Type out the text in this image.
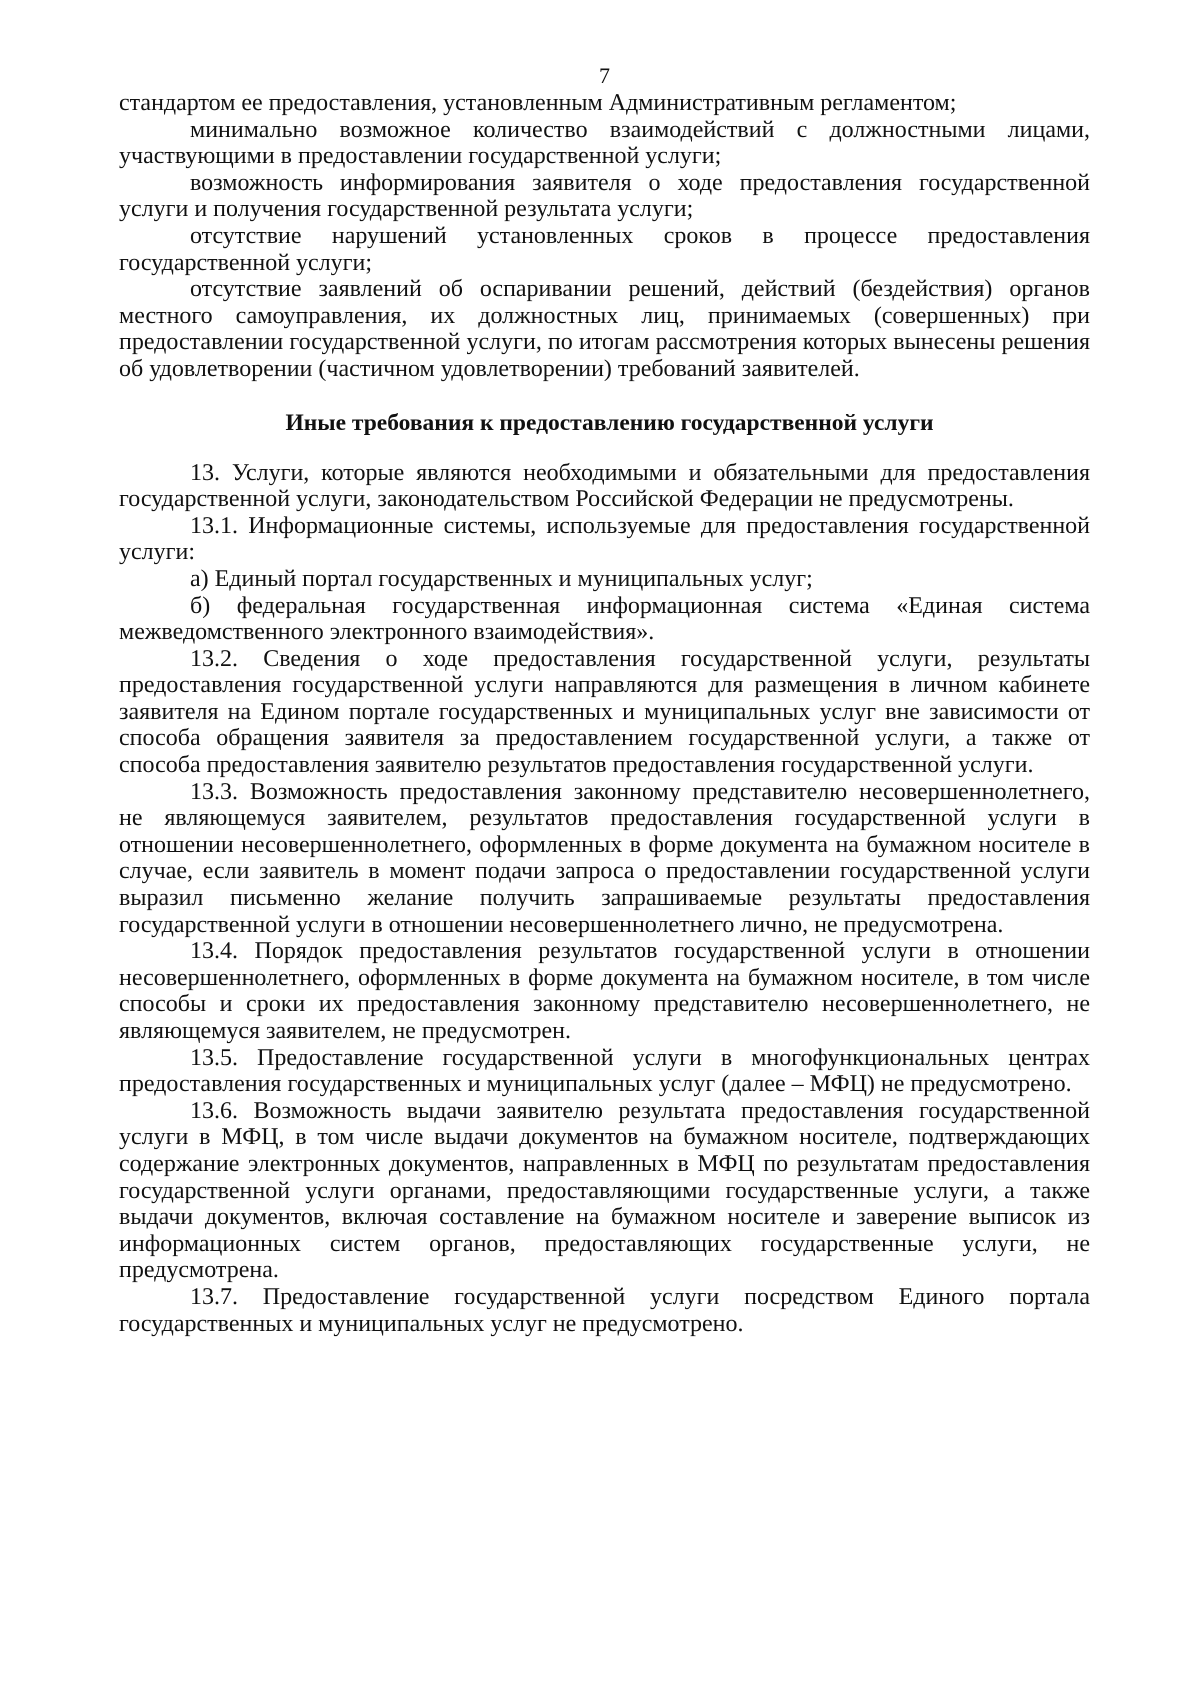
7

стандартом ее предоставления, установленным Административным регламентом;

минимально возможное количество взаимодействий с должностными лицами, участвующими в предоставлении государственной услуги;

возможность информирования заявителя о ходе предоставления государственной услуги и получения государственной результата услуги;

отсутствие нарушений установленных сроков в процессе предоставления государственной услуги;

отсутствие заявлений об оспаривании решений, действий (бездействия) органов местного самоуправления, их должностных лиц, принимаемых (совершенных) при предоставлении государственной услуги, по итогам рассмотрения которых вынесены решения об удовлетворении (частичном удовлетворении) требований заявителей.

Иные требования к предоставлению государственной услуги

13. Услуги, которые являются необходимыми и обязательными для предоставления государственной услуги, законодательством Российской Федерации не предусмотрены.

13.1. Информационные системы, используемые для предоставления государственной услуги:

а) Единый портал государственных и муниципальных услуг;

б) федеральная государственная информационная система «Единая система межведомственного электронного взаимодействия».

13.2. Сведения о ходе предоставления государственной услуги, результаты предоставления государственной услуги направляются для размещения в личном кабинете заявителя на Едином портале государственных и муниципальных услуг вне зависимости от способа обращения заявителя за предоставлением государственной услуги, а также от способа предоставления заявителю результатов предоставления государственной услуги.

13.3. Возможность предоставления законному представителю несовершеннолетнего, не являющемуся заявителем, результатов предоставления государственной услуги в отношении несовершеннолетнего, оформленных в форме документа на бумажном носителе в случае, если заявитель в момент подачи запроса о предоставлении государственной услуги выразил письменно желание получить запрашиваемые результаты предоставления государственной услуги в отношении несовершеннолетнего лично, не предусмотрена.

13.4. Порядок предоставления результатов государственной услуги в отношении несовершеннолетнего, оформленных в форме документа на бумажном носителе, в том числе способы и сроки их предоставления законному представителю несовершеннолетнего, не являющемуся заявителем, не предусмотрен.

13.5. Предоставление государственной услуги в многофункциональных центрах предоставления государственных и муниципальных услуг (далее – МФЦ) не предусмотрено.

13.6. Возможность выдачи заявителю результата предоставления государственной услуги в МФЦ, в том числе выдачи документов на бумажном носителе, подтверждающих содержание электронных документов, направленных в МФЦ по результатам предоставления государственной услуги органами, предоставляющими государственные услуги, а также выдачи документов, включая составление на бумажном носителе и заверение выписок из информационных систем органов, предоставляющих государственные услуги, не предусмотрена.

13.7. Предоставление государственной услуги посредством Единого портала государственных и муниципальных услуг не предусмотрено.
